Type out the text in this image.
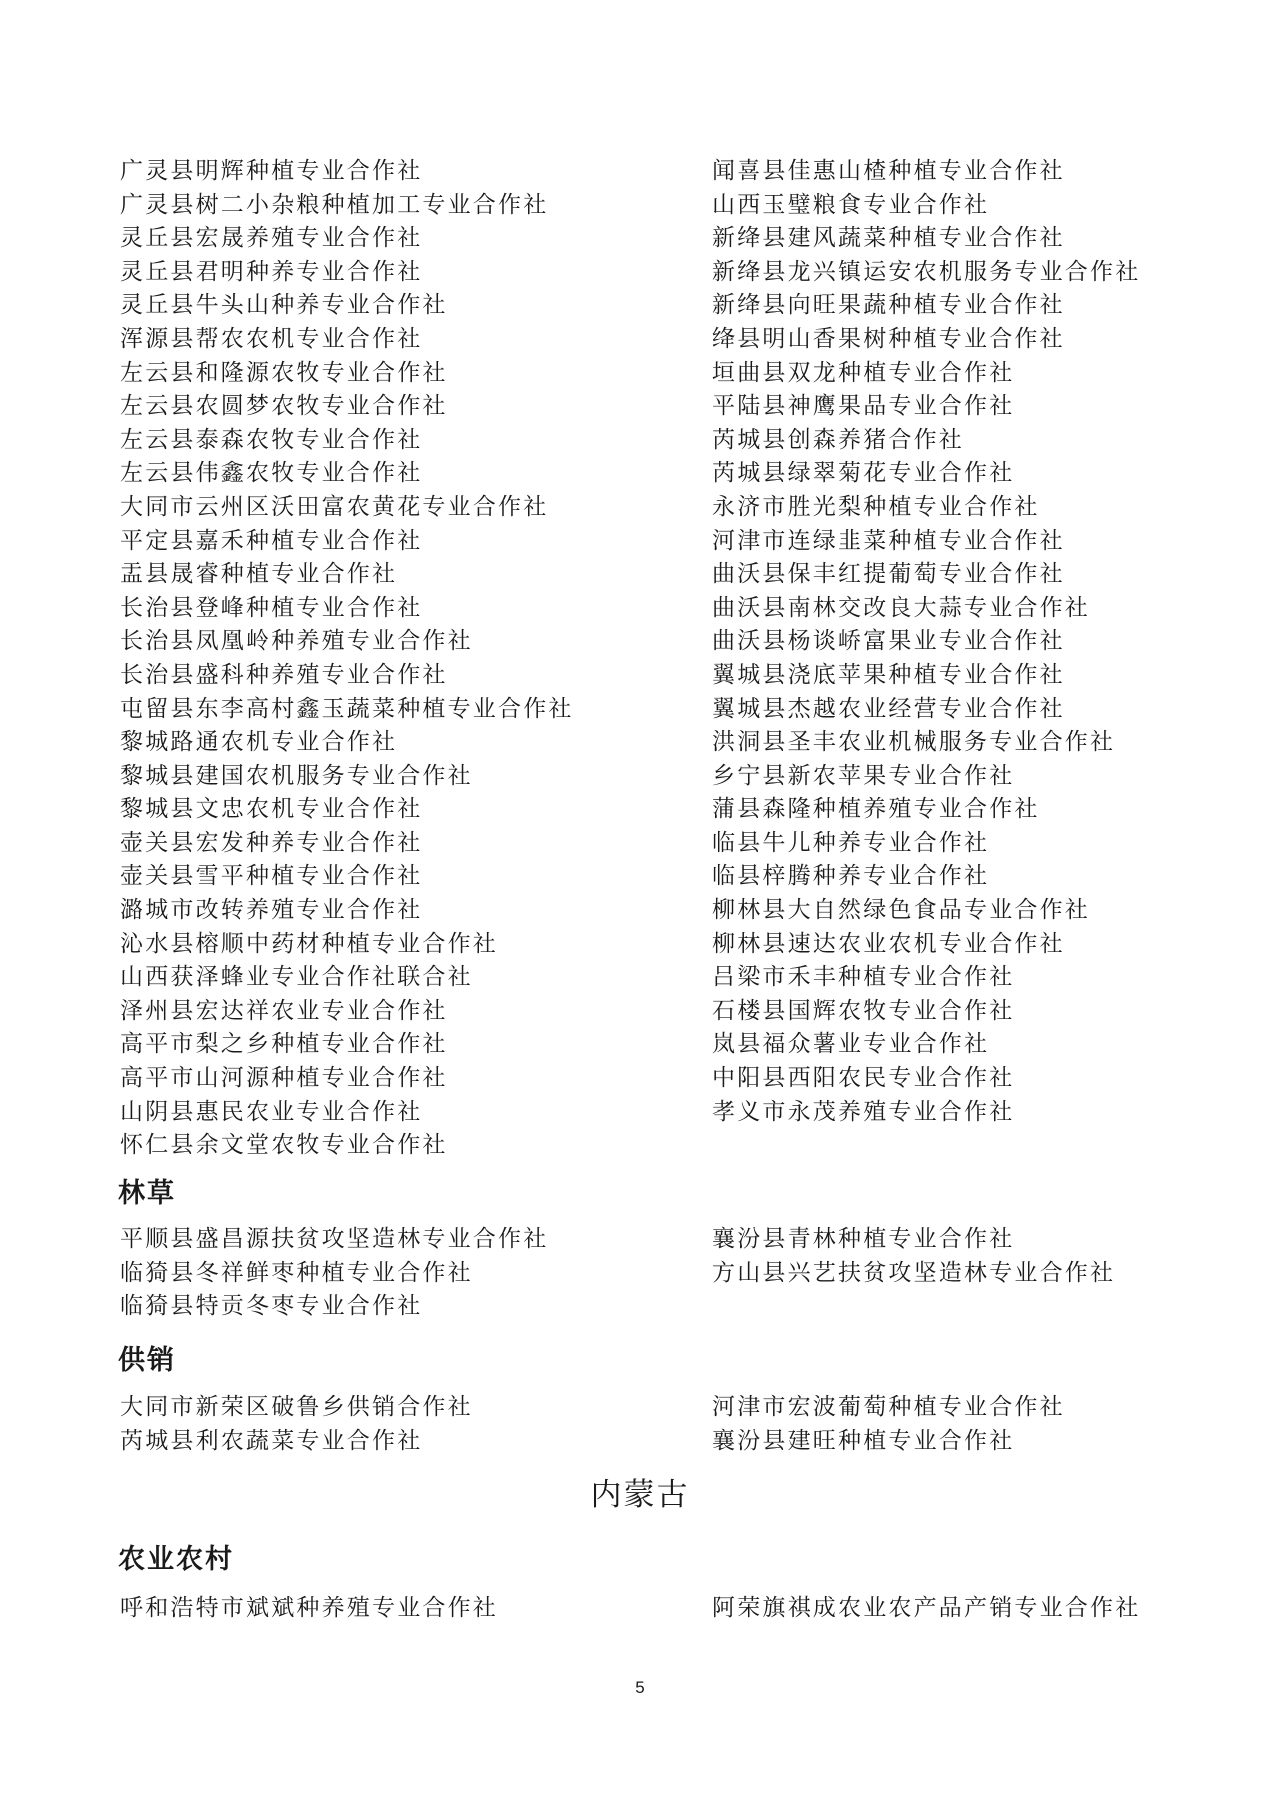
广灵县明辉种植专业合作社	闻喜县佳惠山楂种植专业合作社
广灵县树二小杂粮种植加工专业合作社	山西玉璧粮食专业合作社
灵丘县宏晟养殖专业合作社	新绛县建风蔬菜种植专业合作社
灵丘县君明种养专业合作社	新绛县龙兴镇运安农机服务专业合作社
灵丘县牛头山种养专业合作社	新绛县向旺果蔬种植专业合作社
浑源县帮农农机专业合作社	绛县明山香果树种植专业合作社
左云县和隆源农牧专业合作社	垣曲县双龙种植专业合作社
左云县农圆梦农牧专业合作社	平陆县神鹰果品专业合作社
左云县泰森农牧专业合作社	芮城县创森养猪合作社
左云县伟鑫农牧专业合作社	芮城县绿翠菊花专业合作社
大同市云州区沃田富农黄花专业合作社	永济市胜光梨种植专业合作社
平定县嘉禾种植专业合作社	河津市连绿韭菜种植专业合作社
盂县晟睿种植专业合作社	曲沃县保丰红提葡萄专业合作社
长治县登峰种植专业合作社	曲沃县南林交改良大蒜专业合作社
长治县凤凰岭种养殖专业合作社	曲沃县杨谈峤富果业专业合作社
长治县盛科种养殖专业合作社	翼城县浇底苹果种植专业合作社
屯留县东李高村鑫玉蔬菜种植专业合作社	翼城县杰越农业经营专业合作社
黎城路通农机专业合作社	洪洞县圣丰农业机械服务专业合作社
黎城县建国农机服务专业合作社	乡宁县新农苹果专业合作社
黎城县文忠农机专业合作社	蒲县森隆种植养殖专业合作社
壶关县宏发种养专业合作社	临县牛儿种养专业合作社
壶关县雪平种植专业合作社	临县梓腾种养专业合作社
潞城市改转养殖专业合作社	柳林县大自然绿色食品专业合作社
沁水县榕顺中药材种植专业合作社	柳林县速达农业农机专业合作社
山西获泽蜂业专业合作社联合社	吕梁市禾丰种植专业合作社
泽州县宏达祥农业专业合作社	石楼县国辉农牧专业合作社
高平市梨之乡种植专业合作社	岚县福众薯业专业合作社
高平市山河源种植专业合作社	中阳县西阳农民专业合作社
山阴县惠民农业专业合作社	孝义市永茂养殖专业合作社
怀仁县余文堂农牧专业合作社
林草
平顺县盛昌源扶贫攻坚造林专业合作社	襄汾县青林种植专业合作社
临猗县冬祥鲜枣种植专业合作社	方山县兴艺扶贫攻坚造林专业合作社
临猗县特贡冬枣专业合作社
供销
大同市新荣区破鲁乡供销合作社	河津市宏波葡萄种植专业合作社
芮城县利农蔬菜专业合作社	襄汾县建旺种植专业合作社
内蒙古
农业农村
呼和浩特市斌斌种养殖专业合作社	阿荣旗祺成农业农产品产销专业合作社
5
